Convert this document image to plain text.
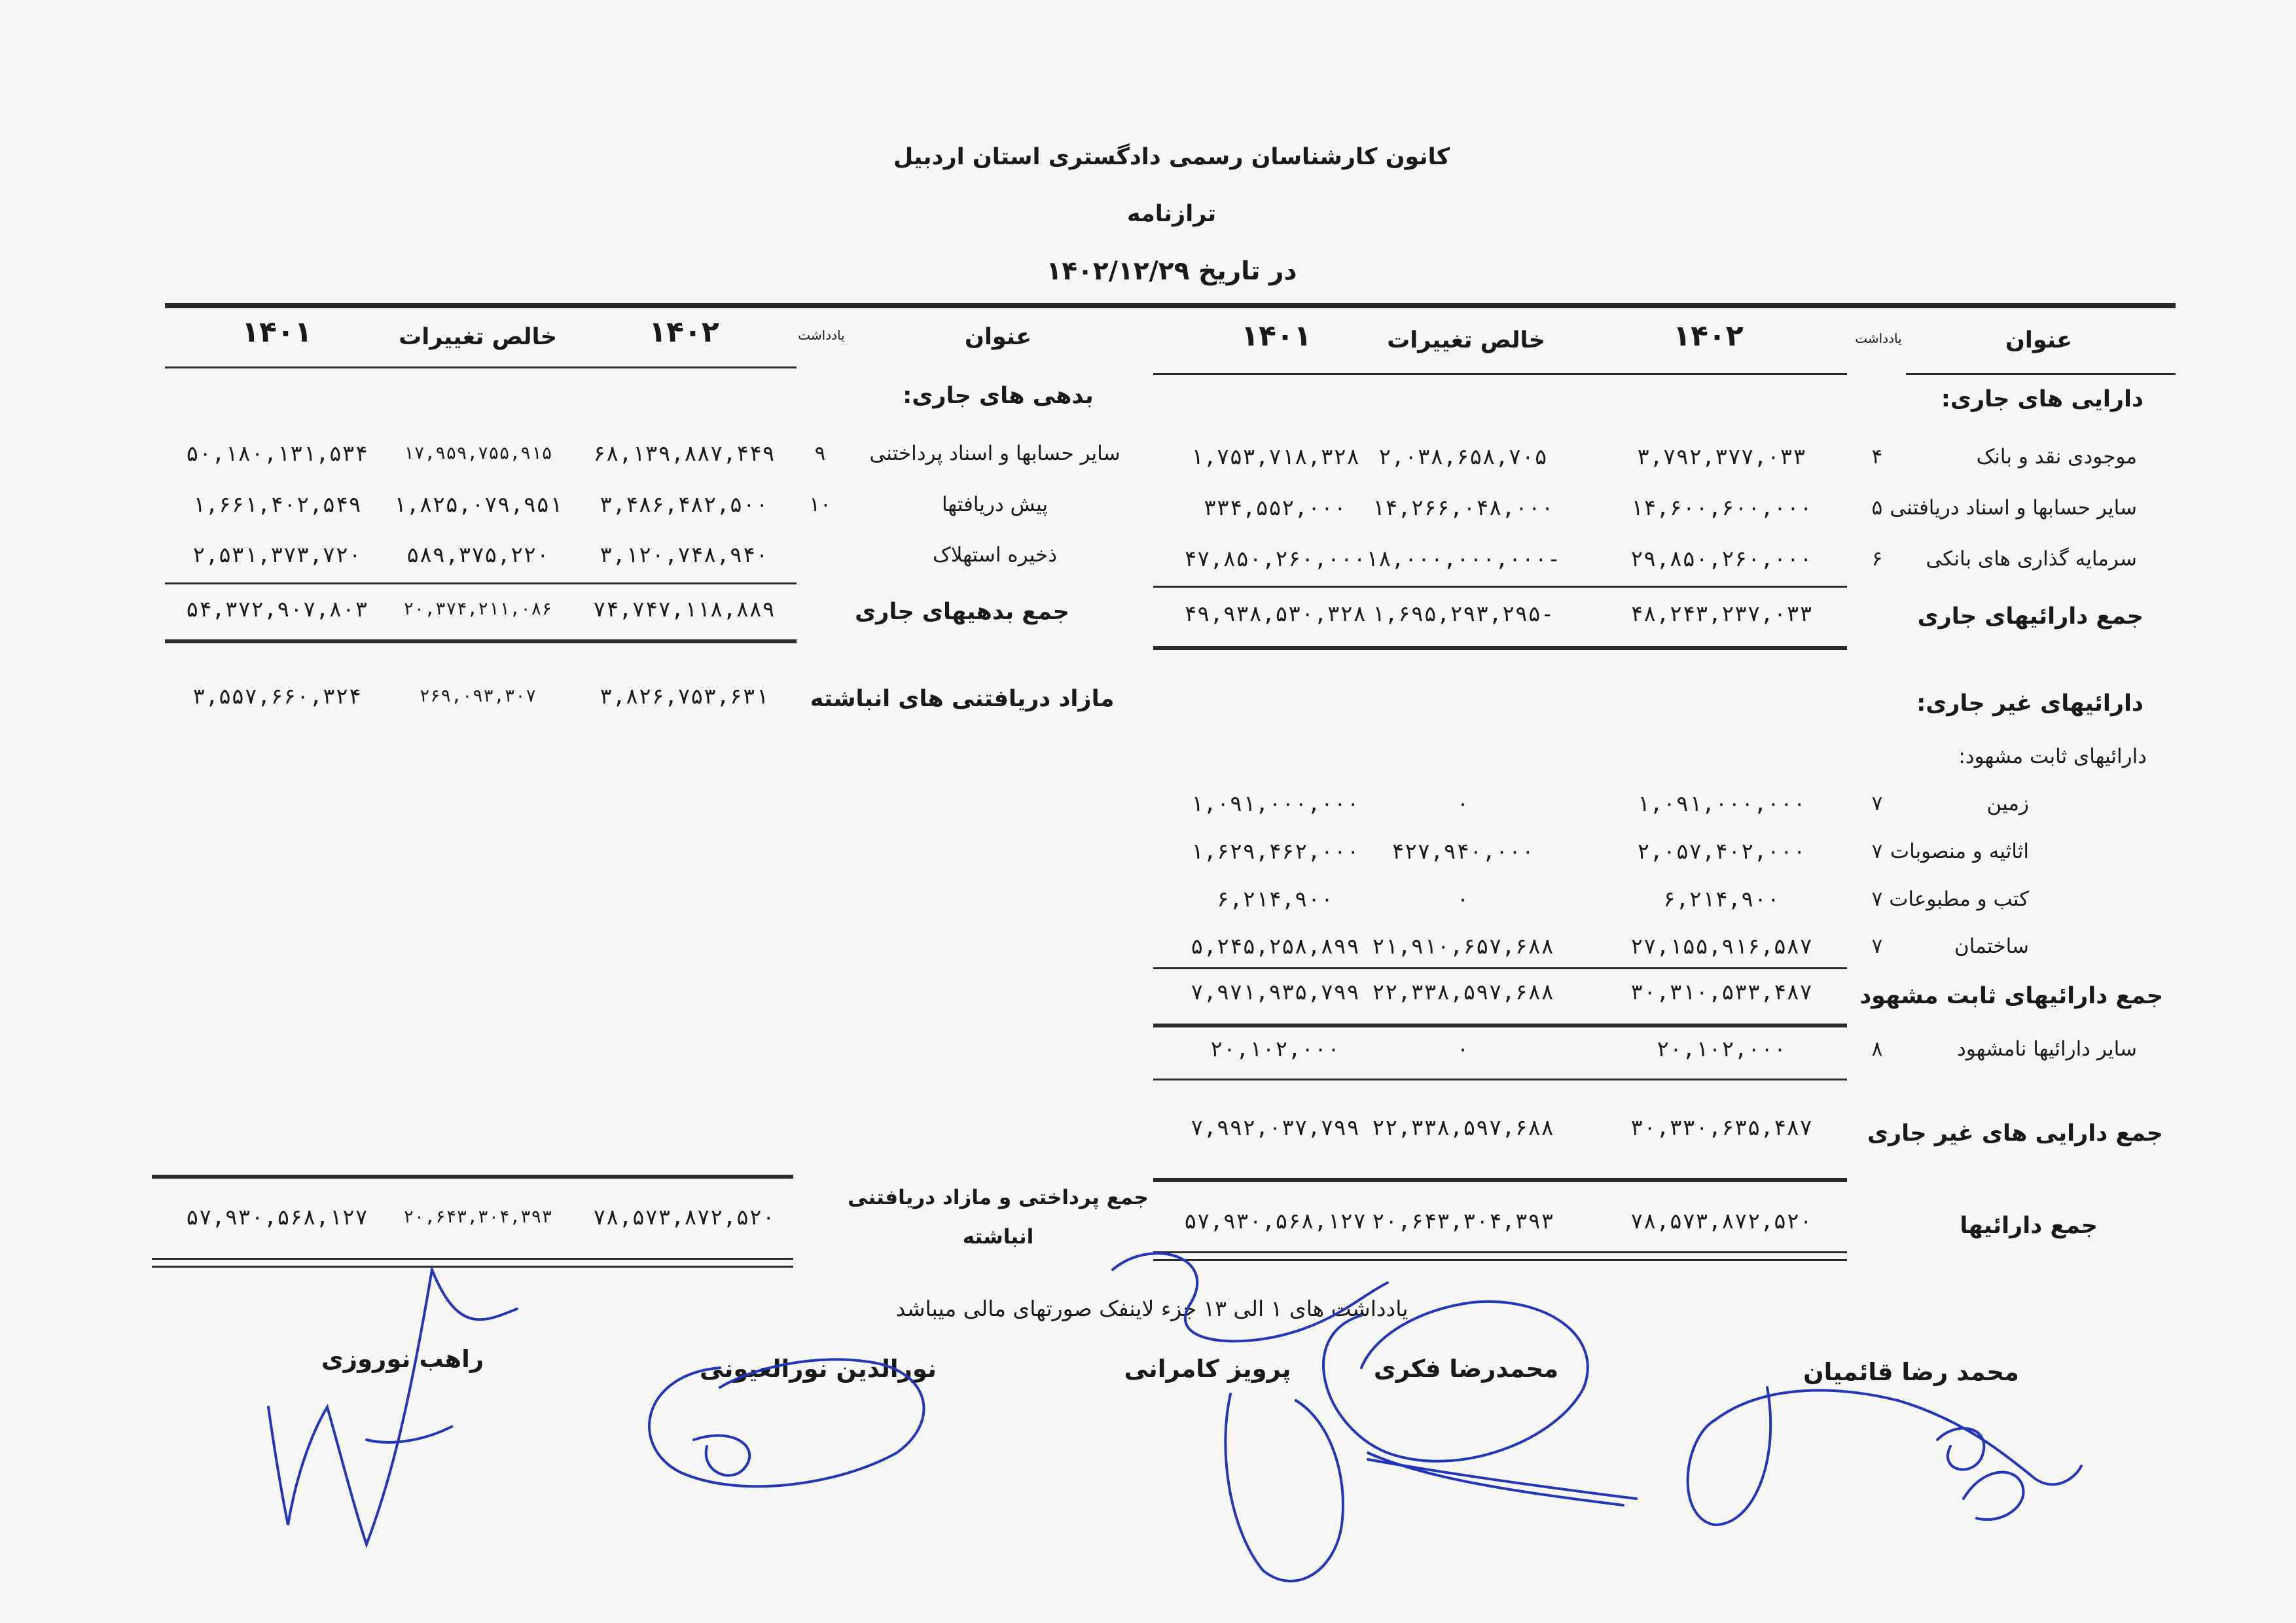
کانون کارشناسان رسمی دادگستری استان اردبیل
ترازنامه
در تاریخ ۱۴۰۲/۱۲/۲۹
عنوان
یادداشت
۱۴۰۲
خالص تغییرات
۱۴۰۱
عنوان
یادداشت
۱۴۰۲
خالص تغییرات
۱۴۰۱
دارایی های جاری:
موجودی نقد و بانک
۴
۳,۷۹۲,۳۷۷,۰۳۳
۲,۰۳۸,۶۵۸,۷۰۵
۱,۷۵۳,۷۱۸,۳۲۸
سایر حسابها و اسناد دریافتنی
۵
۱۴,۶۰۰,۶۰۰,۰۰۰
۱۴,۲۶۶,۰۴۸,۰۰۰
۳۳۴,۵۵۲,۰۰۰
سرمایه گذاری های بانکی
۶
۲۹,۸۵۰,۲۶۰,۰۰۰
۱۸,۰۰۰,۰۰۰,۰۰۰-
۴۷,۸۵۰,۲۶۰,۰۰۰
جمع دارائیهای جاری
۴۸,۲۴۳,۲۳۷,۰۳۳
۱,۶۹۵,۲۹۳,۲۹۵-
۴۹,۹۳۸,۵۳۰,۳۲۸
دارائیهای غیر جاری:
دارائیهای ثابت مشهود:
زمین
۷
۱,۰۹۱,۰۰۰,۰۰۰
۰
۱,۰۹۱,۰۰۰,۰۰۰
اثاثیه و منصوبات
۷
۲,۰۵۷,۴۰۲,۰۰۰
۴۲۷,۹۴۰,۰۰۰
۱,۶۲۹,۴۶۲,۰۰۰
کتب و مطبوعات
۷
۶,۲۱۴,۹۰۰
۰
۶,۲۱۴,۹۰۰
ساختمان
۷
۲۷,۱۵۵,۹۱۶,۵۸۷
۲۱,۹۱۰,۶۵۷,۶۸۸
۵,۲۴۵,۲۵۸,۸۹۹
جمع دارائیهای ثابت مشهود
۳۰,۳۱۰,۵۳۳,۴۸۷
۲۲,۳۳۸,۵۹۷,۶۸۸
۷,۹۷۱,۹۳۵,۷۹۹
سایر دارائیها نامشهود
۸
۲۰,۱۰۲,۰۰۰
۰
۲۰,۱۰۲,۰۰۰
جمع دارایی های غیر جاری
۳۰,۳۳۰,۶۳۵,۴۸۷
۲۲,۳۳۸,۵۹۷,۶۸۸
۷,۹۹۲,۰۳۷,۷۹۹
جمع دارائیها
۷۸,۵۷۳,۸۷۲,۵۲۰
۲۰,۶۴۳,۳۰۴,۳۹۳
۵۷,۹۳۰,۵۶۸,۱۲۷
بدهی های جاری:
سایر حسابها و اسناد پرداختنی
۹
۶۸,۱۳۹,۸۸۷,۴۴۹
۱۷,۹۵۹,۷۵۵,۹۱۵
۵۰,۱۸۰,۱۳۱,۵۳۴
پیش دریافتها
۱۰
۳,۴۸۶,۴۸۲,۵۰۰
۱,۸۲۵,۰۷۹,۹۵۱
۱,۶۶۱,۴۰۲,۵۴۹
ذخیره استهلاک
۳,۱۲۰,۷۴۸,۹۴۰
۵۸۹,۳۷۵,۲۲۰
۲,۵۳۱,۳۷۳,۷۲۰
جمع بدهیهای جاری
۷۴,۷۴۷,۱۱۸,۸۸۹
۲۰,۳۷۴,۲۱۱,۰۸۶
۵۴,۳۷۲,۹۰۷,۸۰۳
مازاد دریافتنی های انباشته
۳,۸۲۶,۷۵۳,۶۳۱
۲۶۹,۰۹۳,۳۰۷
۳,۵۵۷,۶۶۰,۳۲۴
جمع پرداختی و مازاد دریافتنی
انباشته
۷۸,۵۷۳,۸۷۲,۵۲۰
۲۰,۶۴۳,۳۰۴,۳۹۳
۵۷,۹۳۰,۵۶۸,۱۲۷
یادداشت های ۱ الی ۱۳ جزء لاینفک صورتهای مالی میباشد
محمد رضا قائمیان
محمدرضا فکری
پرویز کامرانی
نورالدین نورالعیونی
راهب نوروزی
